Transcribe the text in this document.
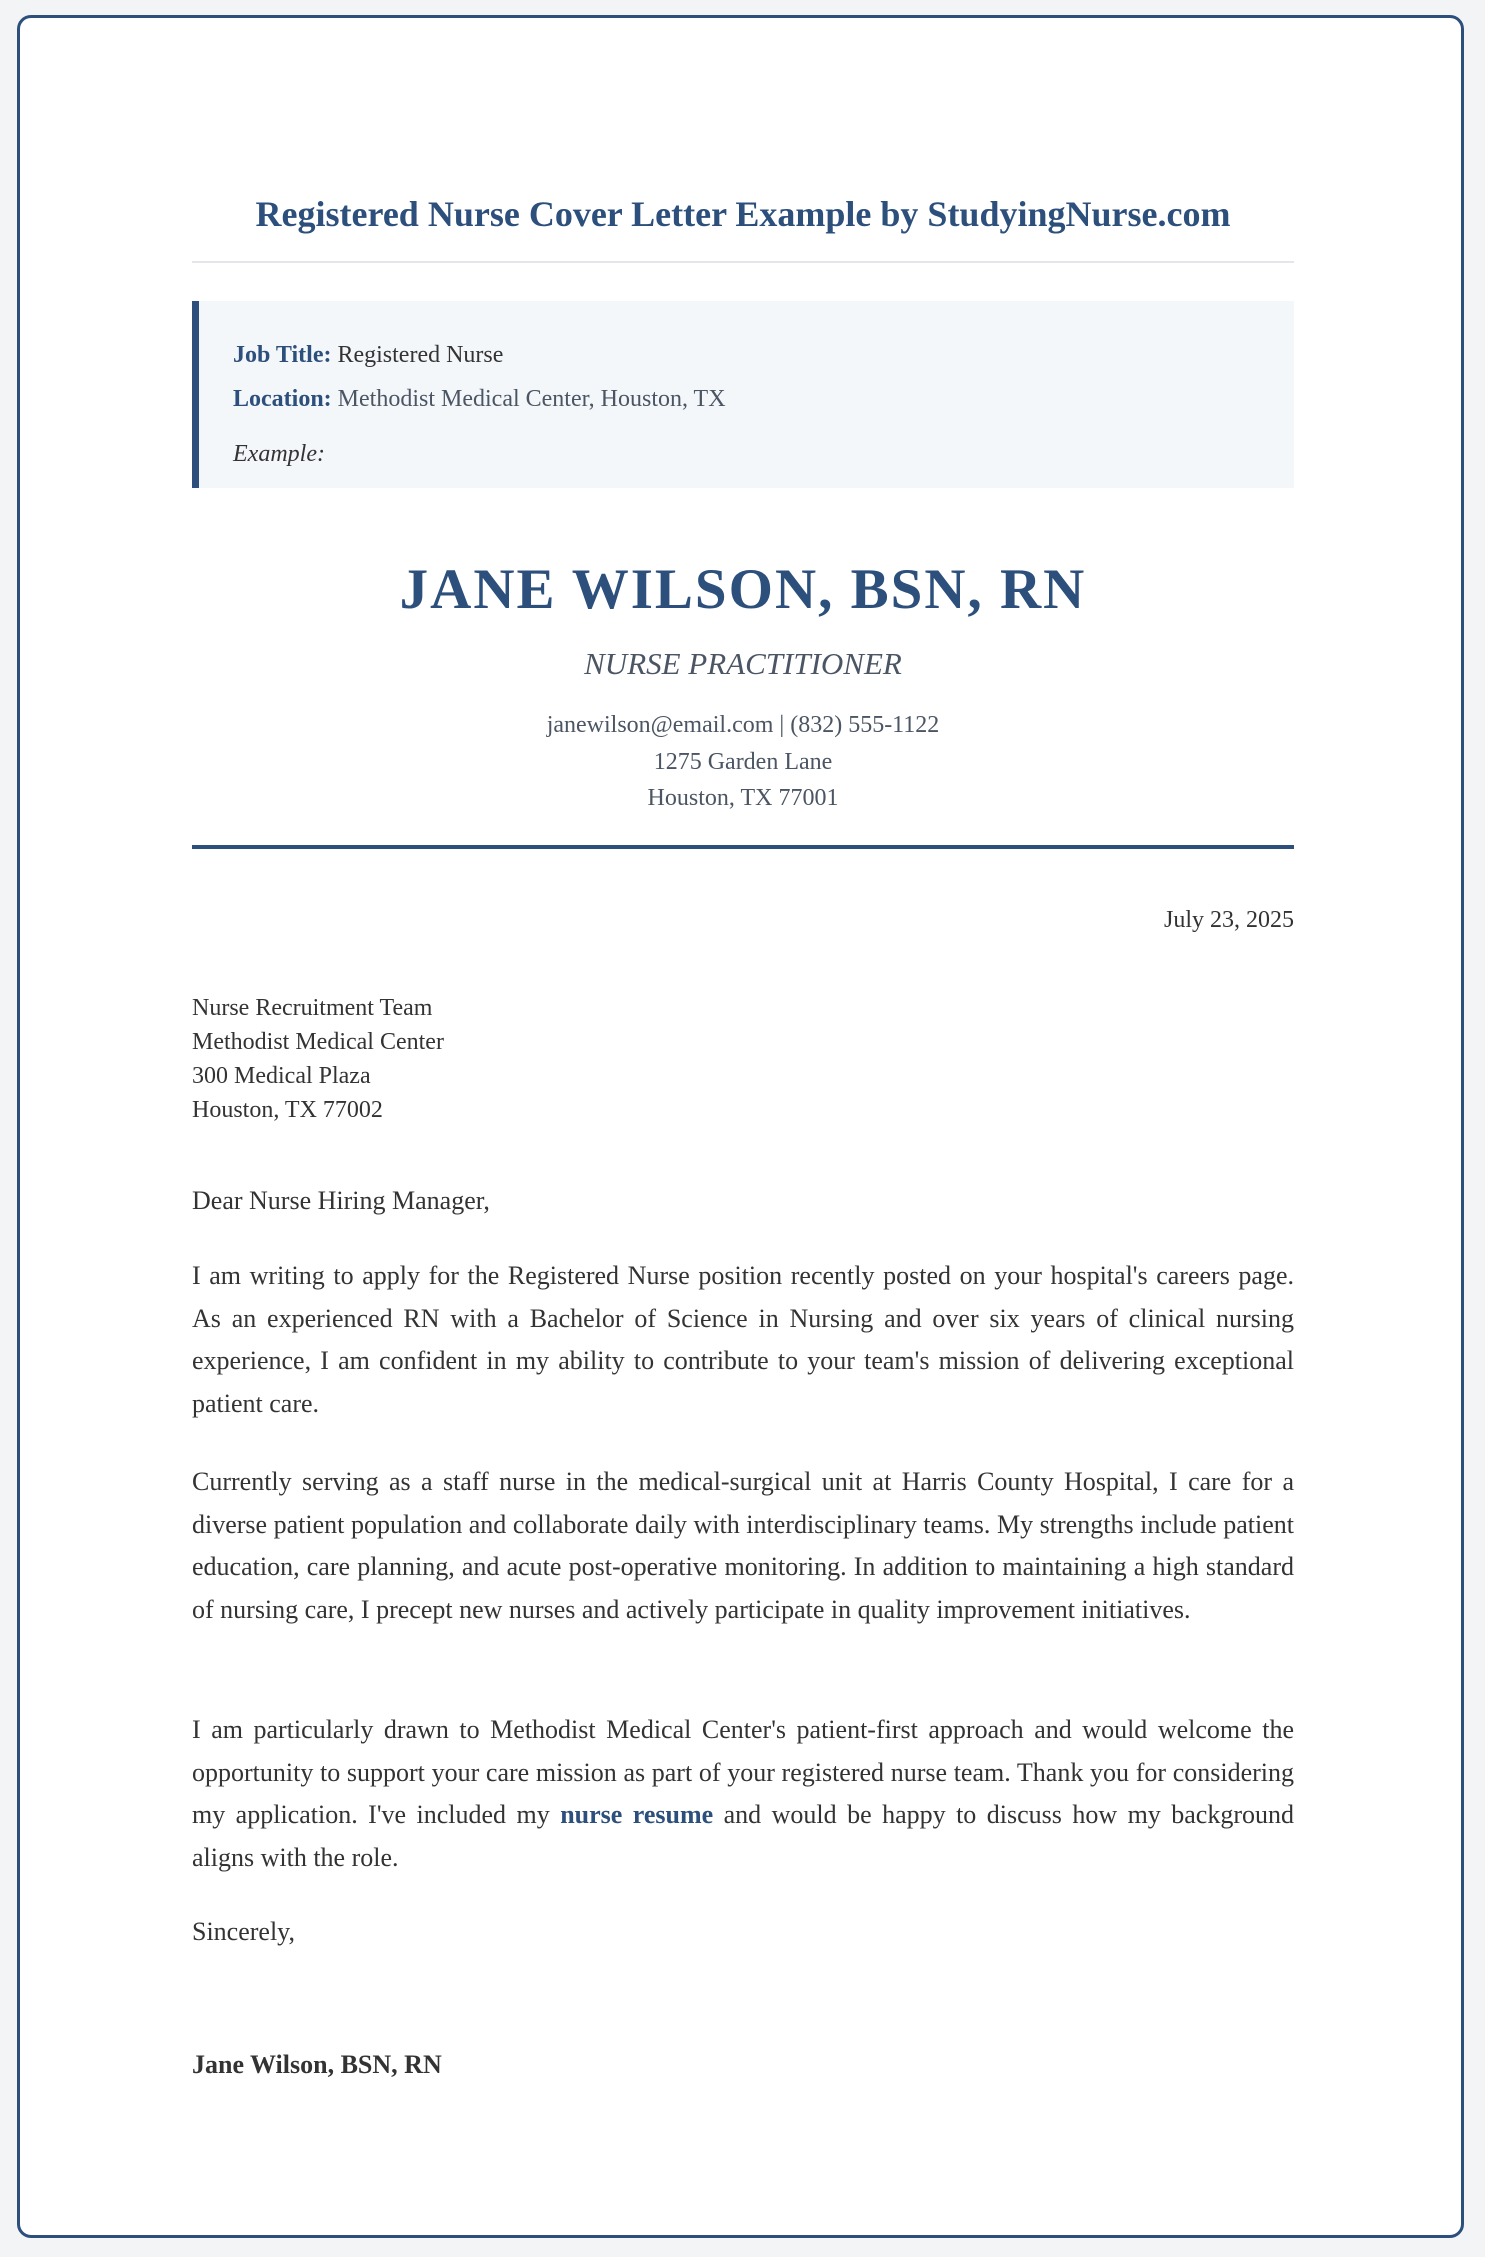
Registered Nurse Cover Letter Example by StudyingNurse.com
Job Title: Registered Nurse
Location: Methodist Medical Center, Houston, TX
Example:
JANE WILSON, BSN, RN
NURSE PRACTITIONER
janewilson@email.com | (832) 555-1122
1275 Garden Lane
Houston, TX 77001
July 23, 2025
Nurse Recruitment Team
Methodist Medical Center
300 Medical Plaza
Houston, TX 77002
Dear Nurse Hiring Manager,

I am writing to apply for the Registered Nurse position recently posted on your hospital's careers page. As an experienced RN with a Bachelor of Science in Nursing and over six years of clinical nursing experience, I am confident in my ability to contribute to your team's mission of delivering exceptional patient care.

Currently serving as a staff nurse in the medical-surgical unit at Harris County Hospital, I care for a diverse patient population and collaborate daily with interdisciplinary teams. My strengths include patient education, care planning, and acute post-operative monitoring. In addition to maintaining a high standard of nursing care, I precept new nurses and actively participate in quality improvement initiatives.

I am particularly drawn to Methodist Medical Center's patient-first approach and would welcome the opportunity to support your care mission as part of your registered nurse team. Thank you for considering my application. I've included my nurse resume and would be happy to discuss how my background aligns with the role.

Sincerely,
Jane Wilson, BSN, RN
